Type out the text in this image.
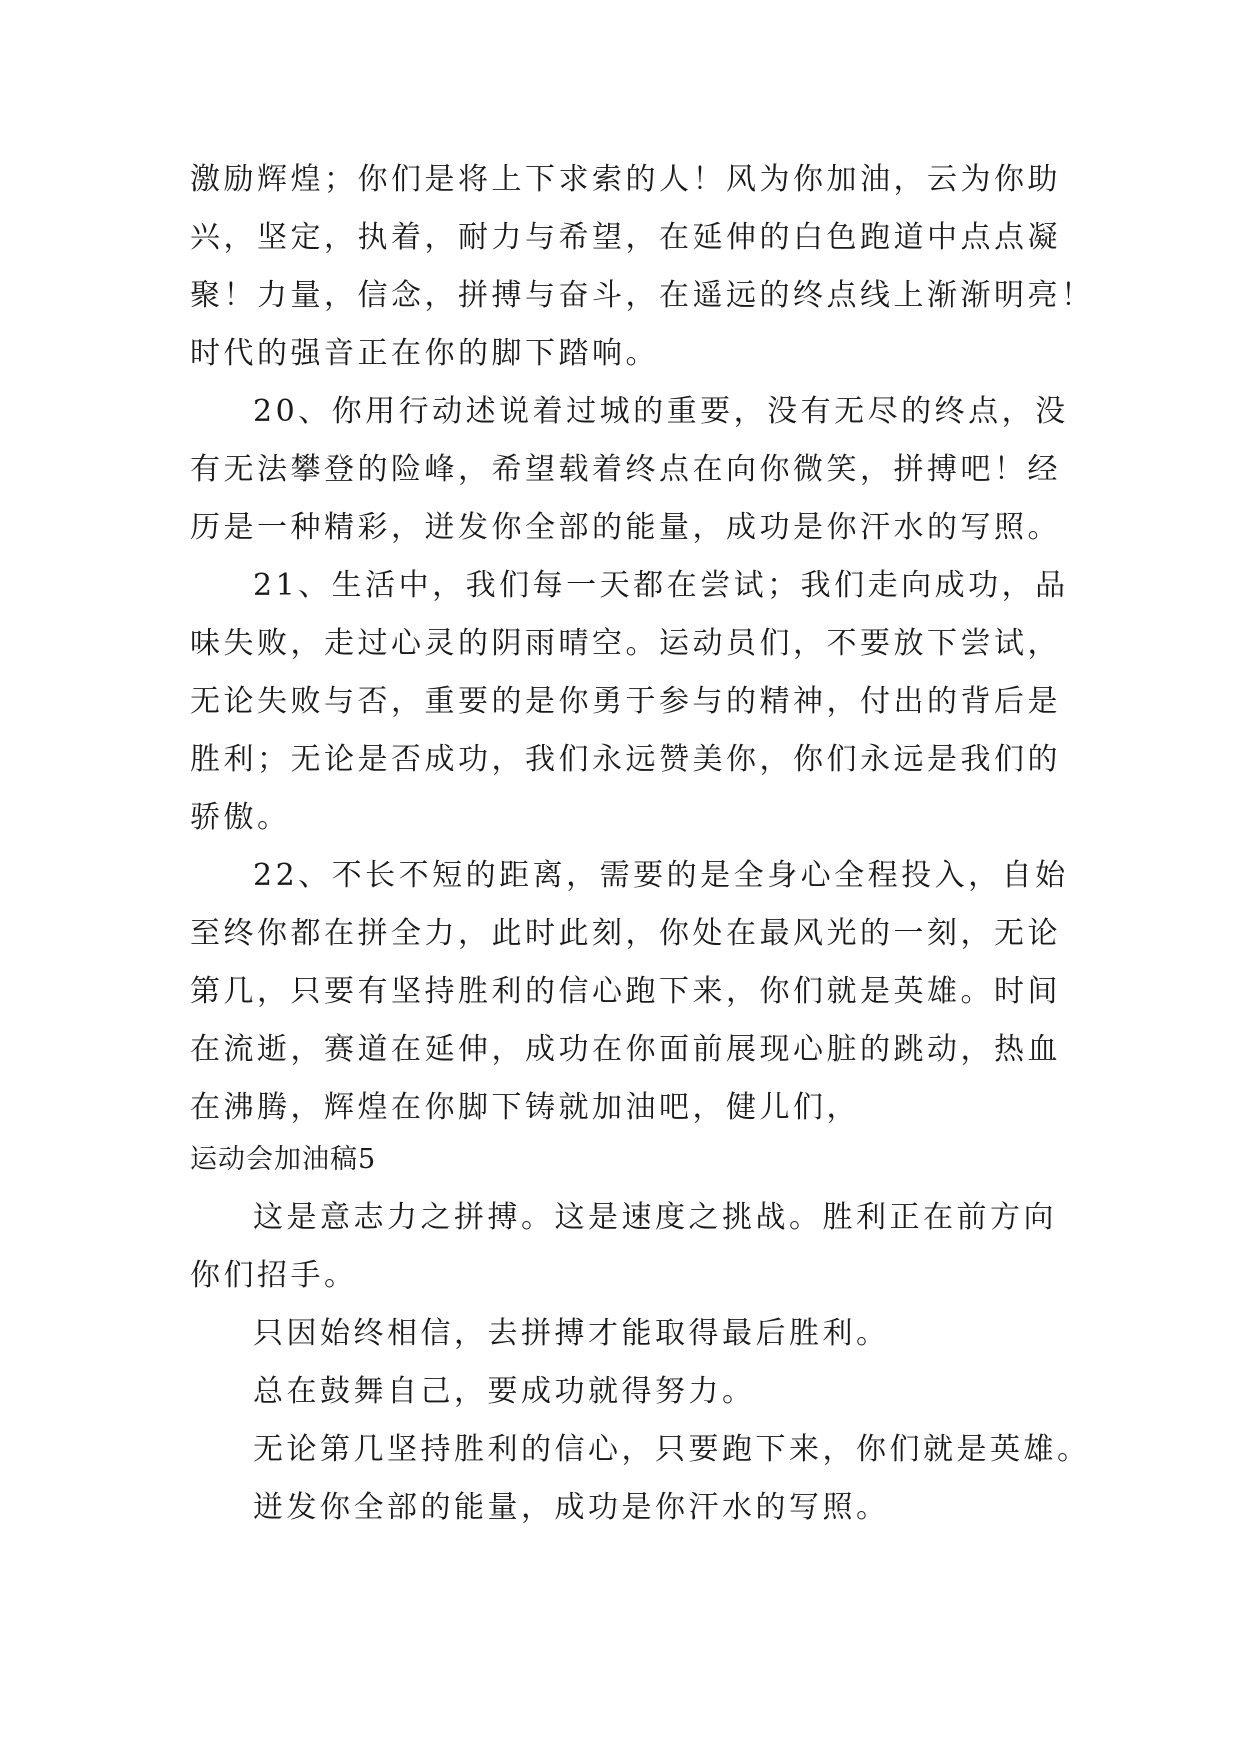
激励辉煌；你们是将上下求索的人！风为你加油，云为你助
兴，坚定，执着，耐力与希望，在延伸的白色跑道中点点凝
聚！力量，信念，拼搏与奋斗，在遥远的终点线上渐渐明亮！
时代的强音正在你的脚下踏响。
20、你用行动述说着过城的重要，没有无尽的终点，没
有无法攀登的险峰，希望载着终点在向你微笑，拼搏吧！经
历是一种精彩，迸发你全部的能量，成功是你汗水的写照。
21、生活中，我们每一天都在尝试；我们走向成功，品
味失败，走过心灵的阴雨晴空。运动员们，不要放下尝试，
无论失败与否，重要的是你勇于参与的精神，付出的背后是
胜利；无论是否成功，我们永远赞美你，你们永远是我们的
骄傲。
22、不长不短的距离，需要的是全身心全程投入，自始
至终你都在拼全力，此时此刻，你处在最风光的一刻，无论
第几，只要有坚持胜利的信心跑下来，你们就是英雄。时间
在流逝，赛道在延伸，成功在你面前展现心脏的跳动，热血
在沸腾，辉煌在你脚下铸就加油吧，健儿们，
运动会加油稿5
这是意志力之拼搏。这是速度之挑战。胜利正在前方向
你们招手。
只因始终相信，去拼搏才能取得最后胜利。
总在鼓舞自己，要成功就得努力。
无论第几坚持胜利的信心，只要跑下来，你们就是英雄。
迸发你全部的能量，成功是你汗水的写照。
